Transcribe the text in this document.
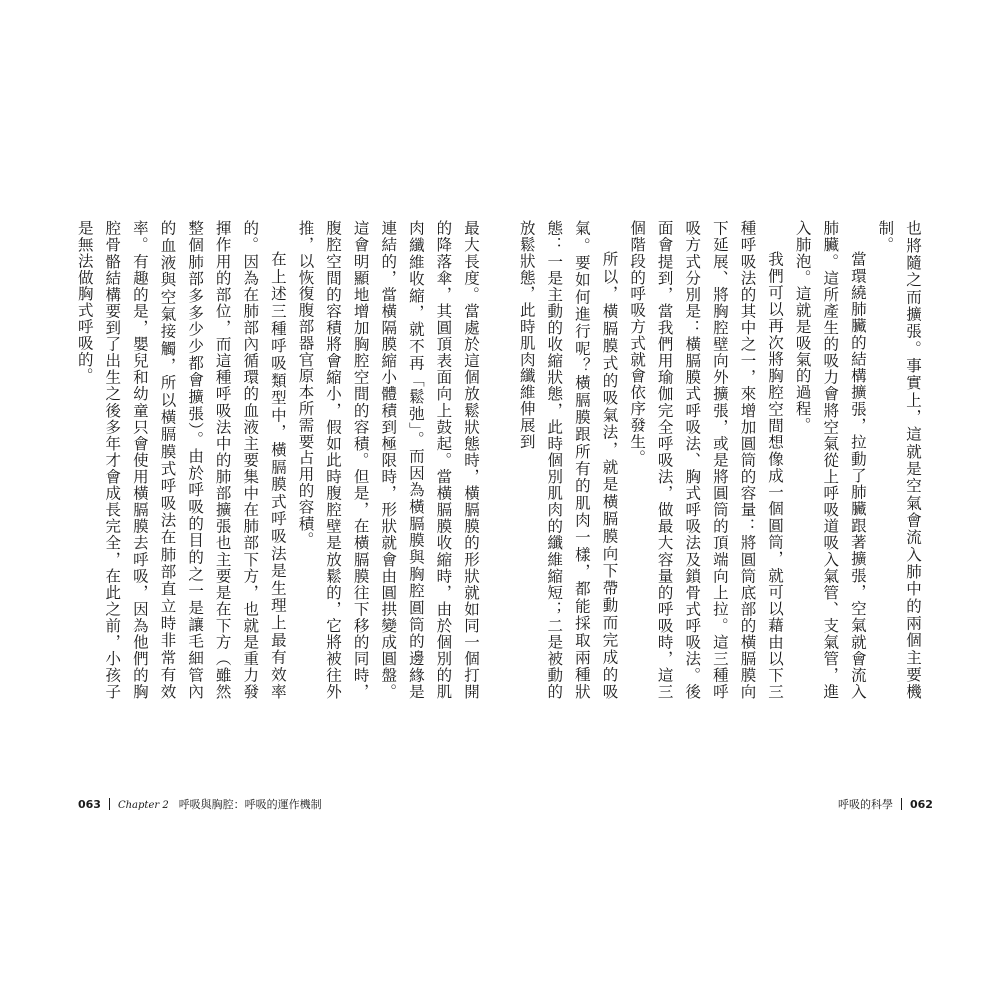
最大長度。當處於這個放鬆狀態時，橫膈膜的形狀就如同一個打開的降落傘，其圓頂表面向上鼓起。當橫膈膜收縮時，由於個別的肌肉纖維收縮，就不再「鬆弛」。而因為橫膈膜與胸腔圓筒的邊緣是連結的，當橫隔膜縮小體積到極限時，形狀就會由圓拱變成圓盤。這會明顯地增加胸腔空間的容積。但是，在橫膈膜往下移的同時，腹腔空間的容積將會縮小，假如此時腹腔壁是放鬆的，它將被往外推，以恢復腹部器官原本所需要占用的容積。

在上述三種呼吸類型中，橫膈膜式呼吸法是生理上最有效率的。因為在肺部內循環的血液主要集中在肺部下方，也就是重力發揮作用的部位，而這種呼吸法中的肺部擴張也主要是在下方（雖然整個肺部多多少少都會擴張）。由於呼吸的目的之一是讓毛細管內的血液與空氣接觸，所以橫膈膜式呼吸法在肺部直立時非常有效率。有趣的是，嬰兒和幼童只會使用橫膈膜去呼吸，因為他們的胸腔骨骼結構要到了出生之後多年才會成長完全，在此之前，小孩子是無法做胸式呼吸的。	也將隨之而擴張。事實上，這就是空氣會流入肺中的兩個主要機制。

當環繞肺臟的結構擴張，拉動了肺臟跟著擴張，空氣就會流入肺臟。這所產生的吸力會將空氣從上呼吸道吸入氣管、支氣管，進入肺泡。這就是吸氣的過程。

我們可以再次將胸腔空間想像成一個圓筒，就可以藉由以下三種呼吸法的其中之一，來增加圓筒的容量：將圓筒底部的橫膈膜向下延展、將胸腔壁向外擴張，或是將圓筒的頂端向上拉。這三種呼吸方式分別是：橫膈膜式呼吸法、胸式呼吸法及鎖骨式呼吸法。後面會提到，當我們用瑜伽完全呼吸法，做最大容量的呼吸時，這三個階段的呼吸方式就會依序發生。

所以，橫膈膜式的吸氣法，就是橫膈膜向下帶動而完成的吸氣。要如何進行呢？橫膈膜跟所有的肌肉一樣，都能採取兩種狀態：一是主動的收縮狀態，此時個別肌肉的纖維縮短；二是被動的放鬆狀態，此時肌肉纖維伸展到

063 Chapter 2 呼吸與胸腔：呼吸的運作機制	呼吸的科學 062
